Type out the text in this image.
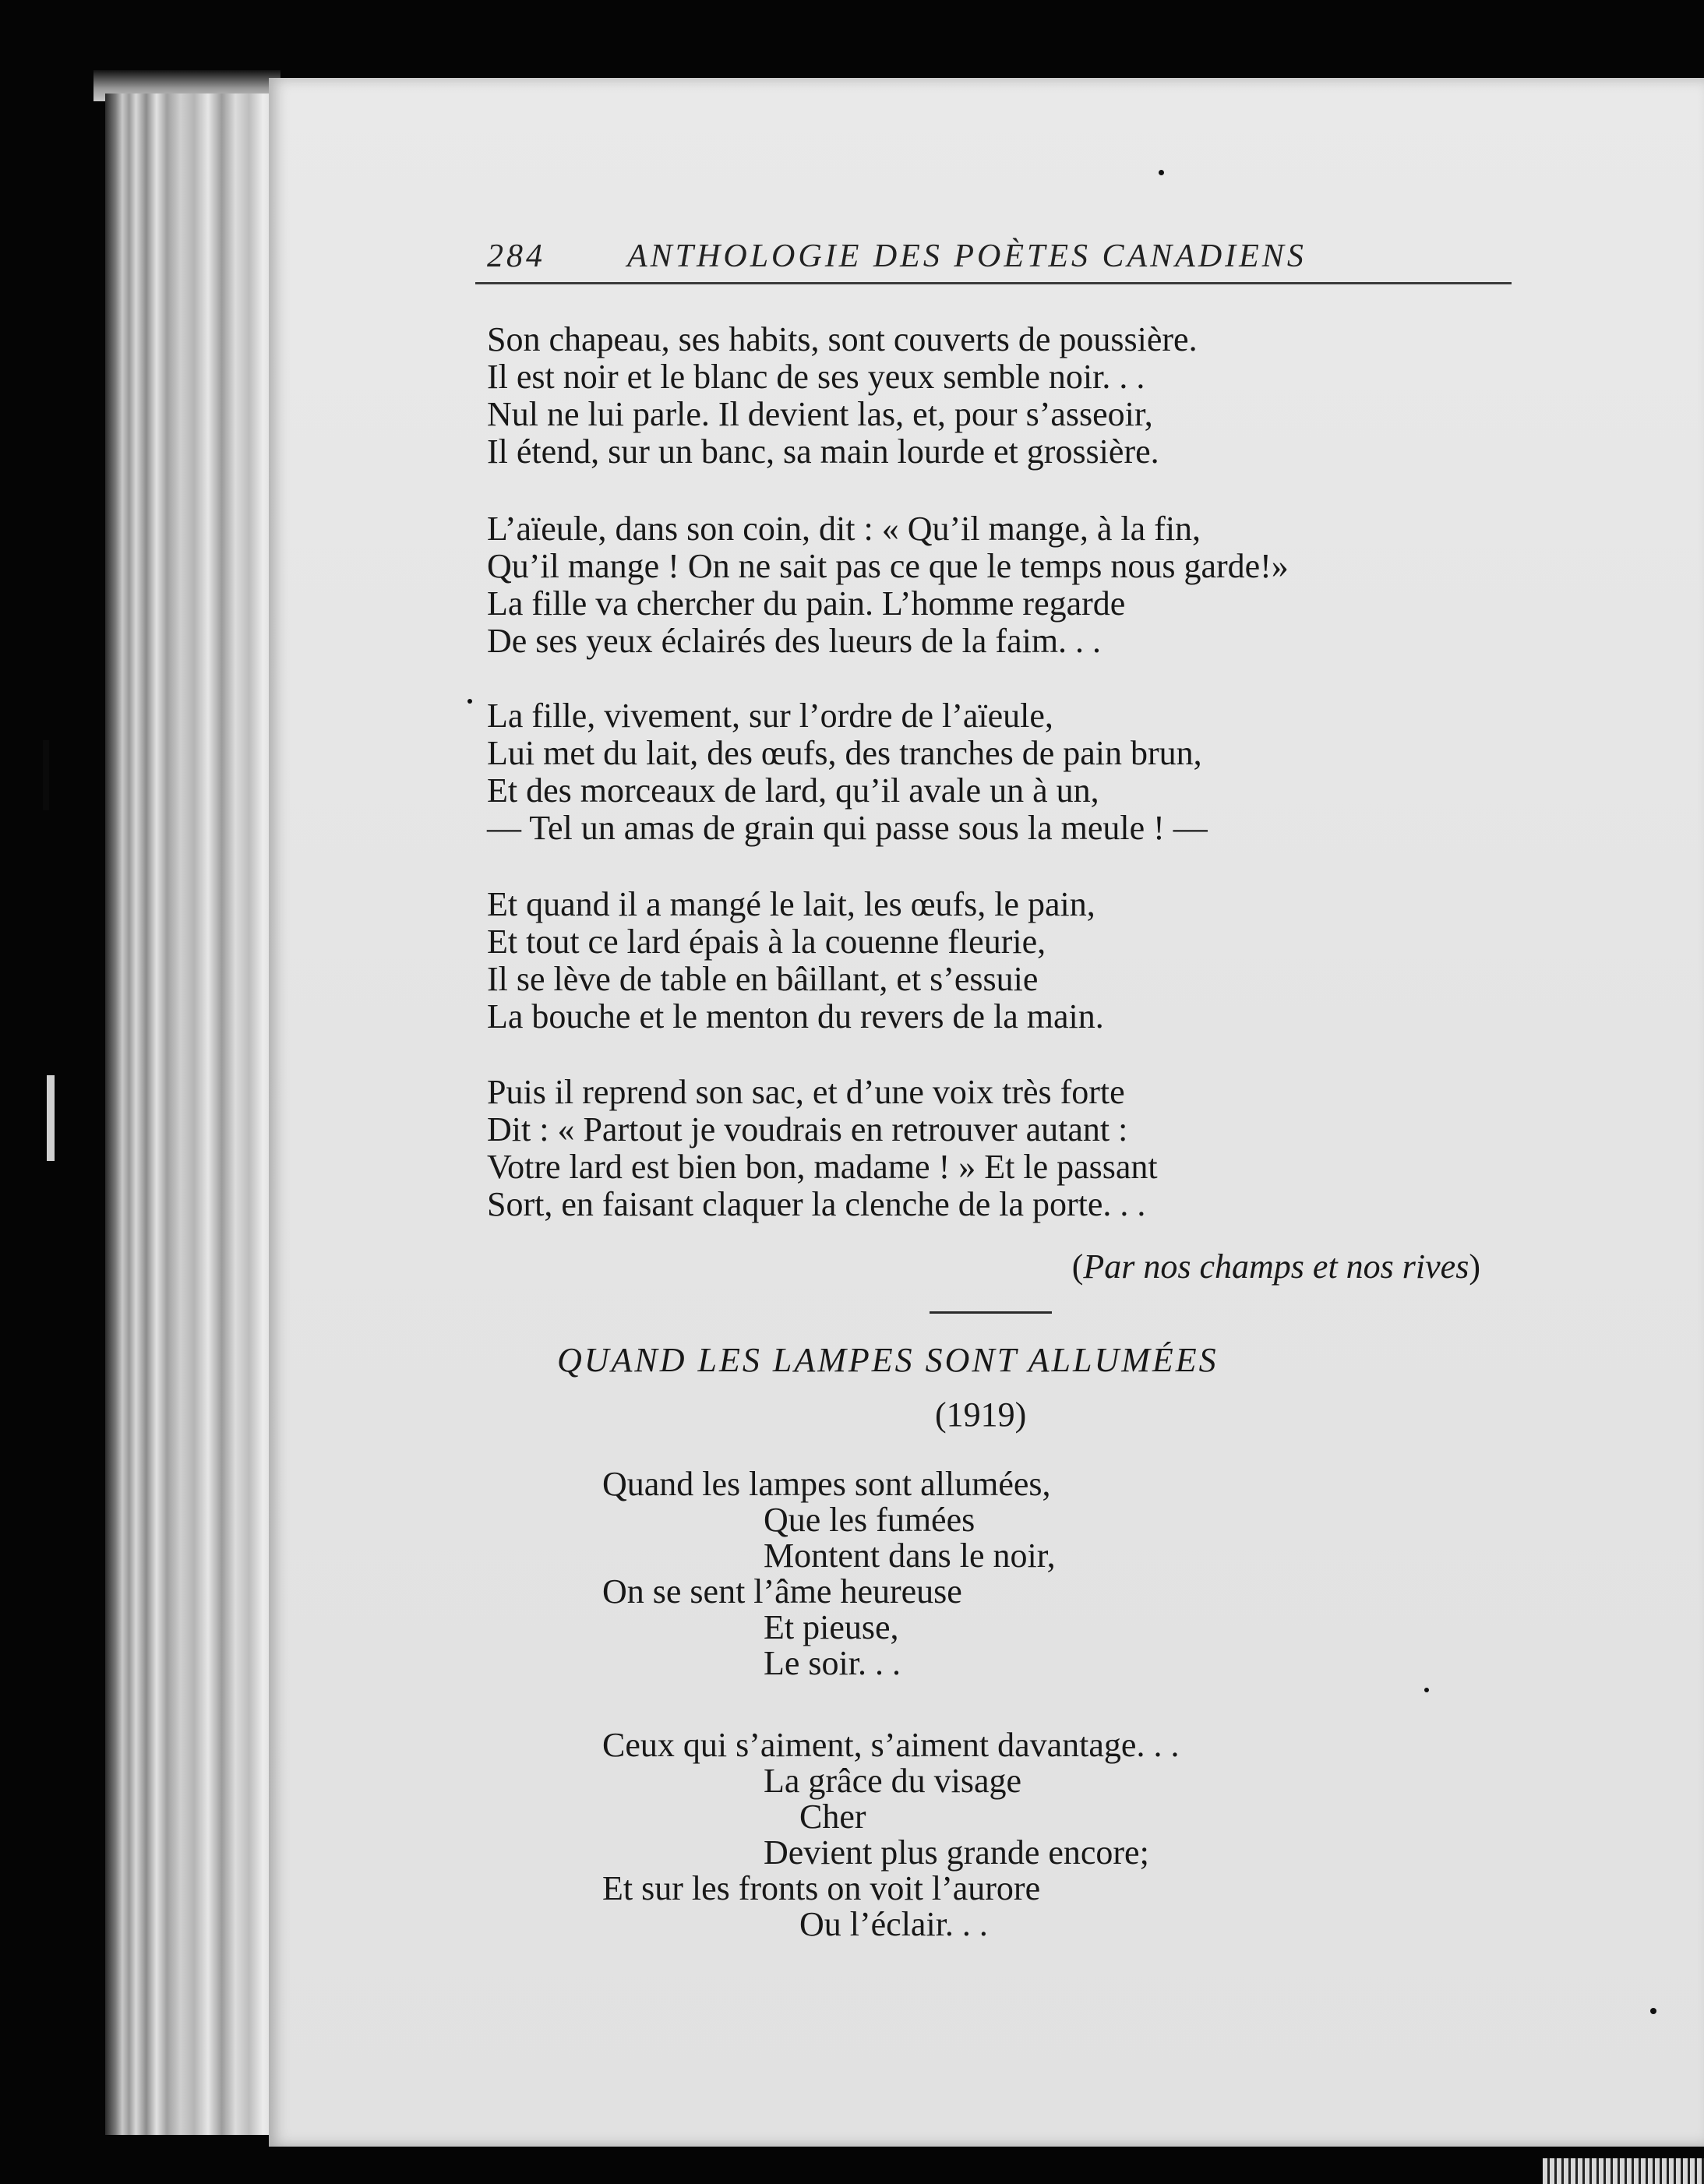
284	ANTHOLOGIE DES POÈTES CANADIENS
Son chapeau, ses habits, sont couverts de poussière.
Il est noir et le blanc de ses yeux semble noir. . .
Nul ne lui parle. Il devient las, et, pour s’asseoir,
Il étend, sur un banc, sa main lourde et grossière.
L’aïeule, dans son coin, dit : « Qu’il mange, à la fin,
Qu’il mange ! On ne sait pas ce que le temps nous garde!»
La fille va chercher du pain. L’homme regarde
De ses yeux éclairés des lueurs de la faim. . .
La fille, vivement, sur l’ordre de l’aïeule,
Lui met du lait, des œufs, des tranches de pain brun,
Et des morceaux de lard, qu’il avale un à un,
— Tel un amas de grain qui passe sous la meule ! —
Et quand il a mangé le lait, les œufs, le pain,
Et tout ce lard épais à la couenne fleurie,
Il se lève de table en bâillant, et s’essuie
La bouche et le menton du revers de la main.
Puis il reprend son sac, et d’une voix très forte
Dit : « Partout je voudrais en retrouver autant :
Votre lard est bien bon, madame ! » Et le passant
Sort, en faisant claquer la clenche de la porte. . .
(Par nos champs et nos rives)
QUAND LES LAMPES SONT ALLUMÉES
(1919)
Quand les lampes sont allumées,
Que les fumées
Montent dans le noir,
On se sent l’âme heureuse
Et pieuse,
Le soir. . .
Ceux qui s’aiment, s’aiment davantage. . .
La grâce du visage
Cher
Devient plus grande encore;
Et sur les fronts on voit l’aurore
Ou l’éclair. . .
